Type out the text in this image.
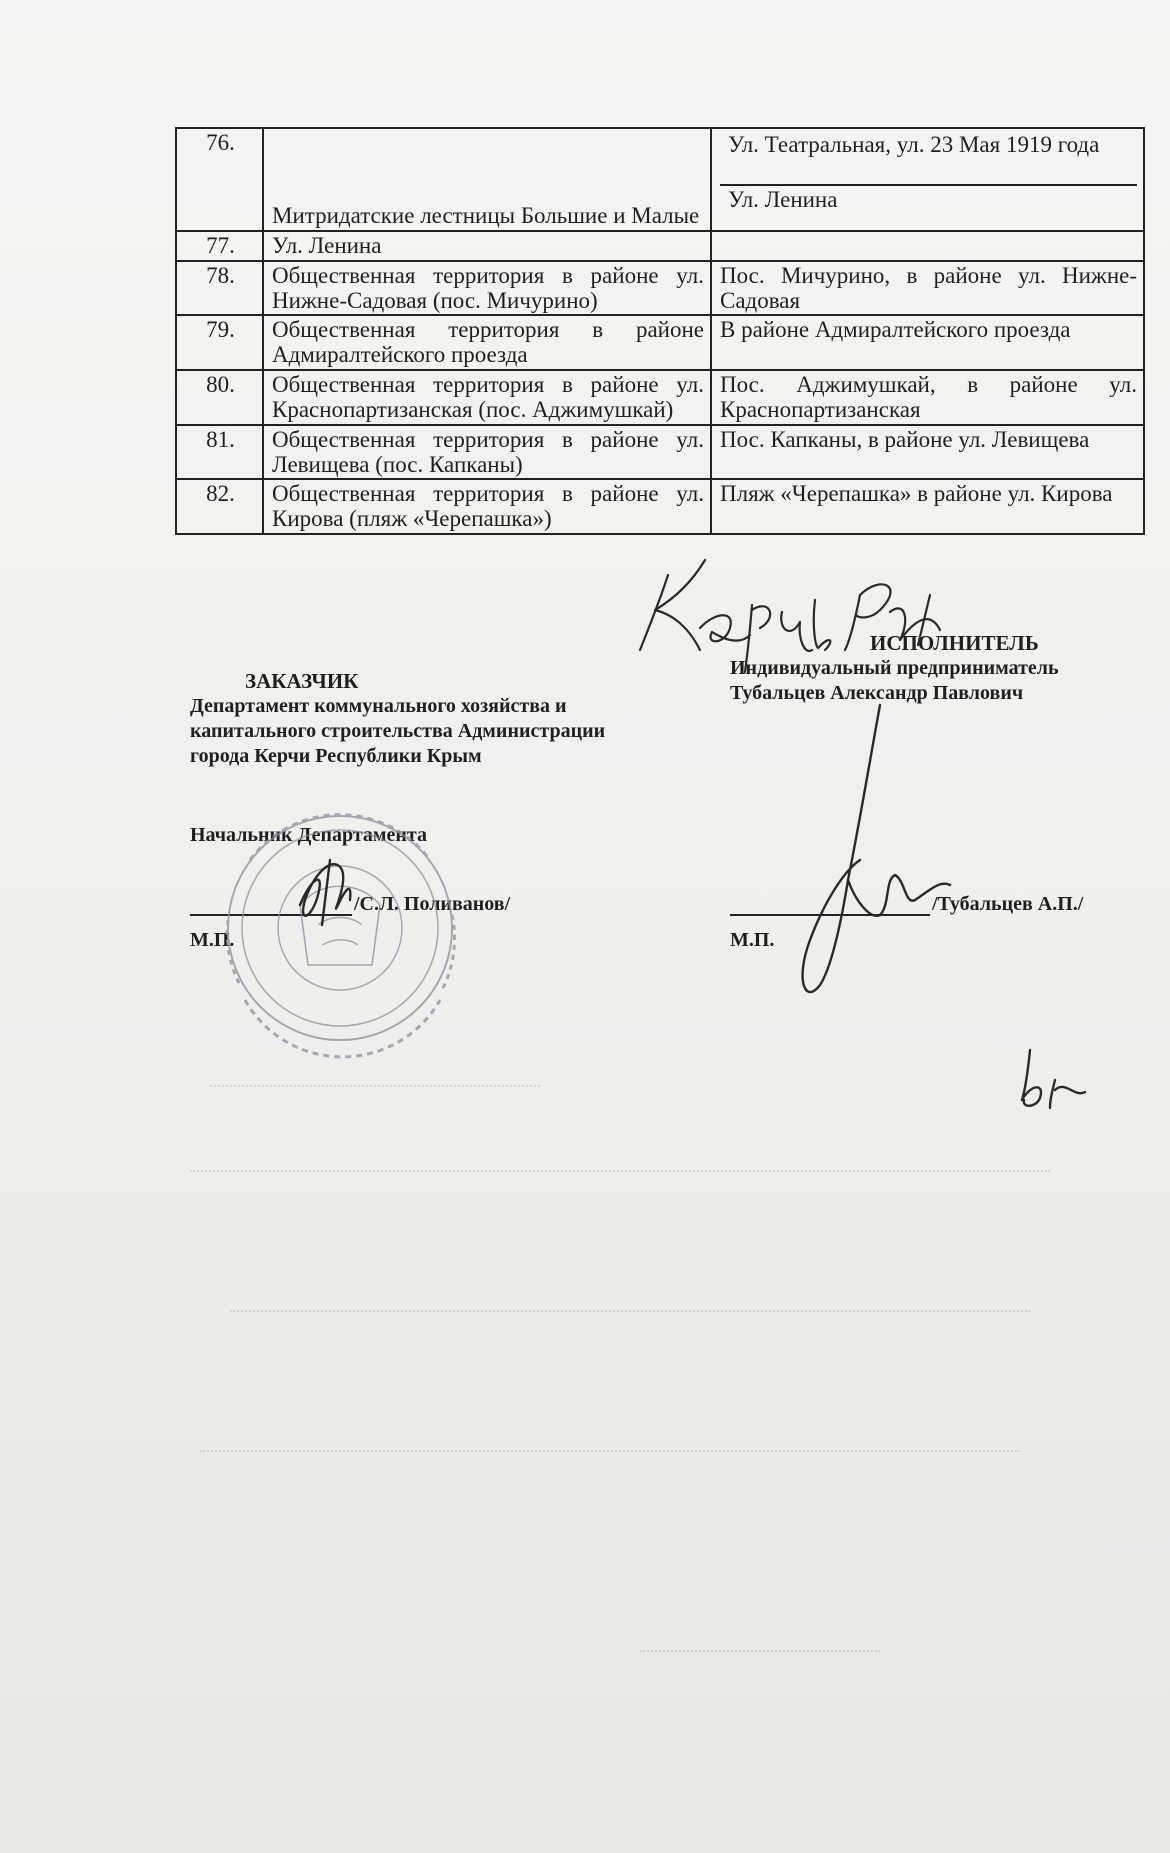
76.	Митридатские лестницы Большие и Малые	Ул. Театральная, ул. 23 Мая 1919 года
Ул. Ленина

77.	Ул. Ленина	
78.	Общественная территория в районе ул. Нижне-Садовая (пос. Мичурино)	Пос. Мичурино, в районе ул. Нижне-Садовая
79.	Общественная территория в районе Адмиралтейского проезда	В районе Адмиралтейского проезда
80.	Общественная территория в районе ул. Краснопартизанская (пос. Аджимушкай)	Пос. Аджимушкай, в районе ул. Краснопартизанская
81.	Общественная территория в районе ул. Левищева (пос. Капканы)	Пос. Капканы, в районе ул. Левищева
82.	Общественная территория в районе ул. Кирова (пляж «Черепашка»)	Пляж «Черепашка» в районе ул. Кирова
ИСПОЛНИТЕЛЬ
Индивидуальный предприниматель
Тубальцев Александр Павлович
ЗАКАЗЧИК
Департамент коммунального хозяйства и
капитального строительства Администрации
города Керчи Республики Крым
Начальник Департамента
/С.Л. Поливанов/
М.П.
/Тубальцев А.П./
М.П.
